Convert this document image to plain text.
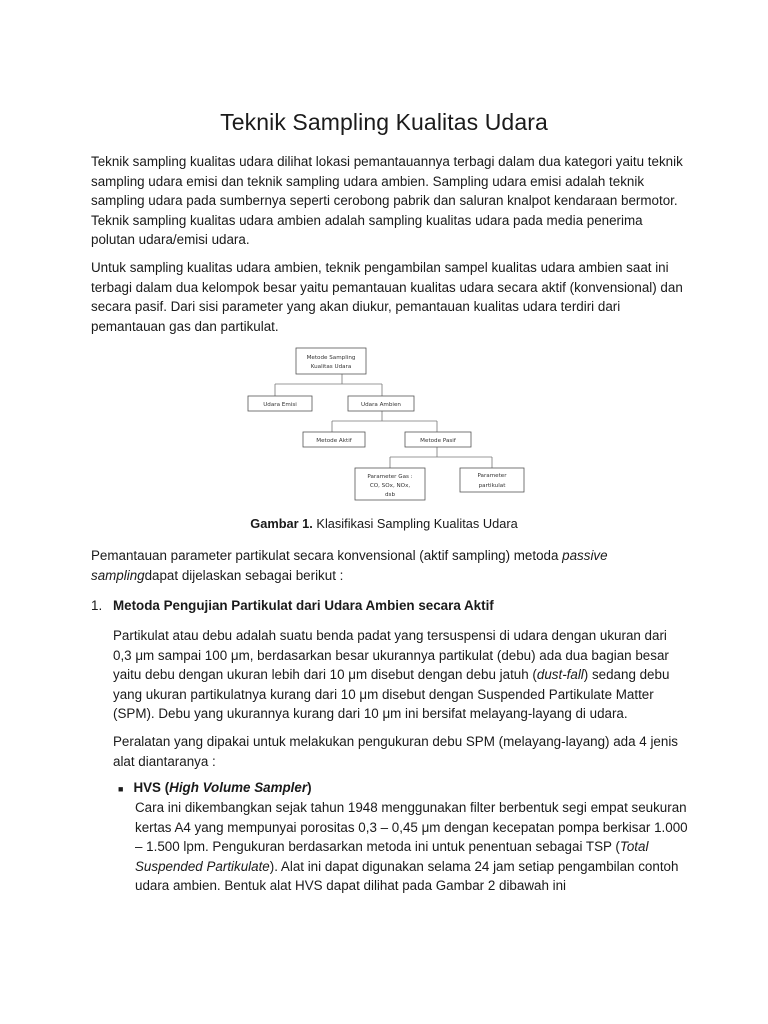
Teknik Sampling Kualitas Udara

Teknik sampling kualitas udara dilihat lokasi pemantauannya terbagi dalam dua kategori yaitu teknik sampling udara emisi dan teknik sampling udara ambien. Sampling udara emisi adalah teknik sampling udara pada sumbernya seperti cerobong pabrik dan saluran knalpot kendaraan bermotor. Teknik sampling kualitas udara ambien adalah sampling kualitas udara pada media penerima polutan udara/emisi udara.

Untuk sampling kualitas udara ambien, teknik pengambilan sampel kualitas udara ambien saat ini terbagi dalam dua kelompok besar yaitu pemantauan kualitas udara secara aktif (konvensional) dan secara pasif. Dari sisi parameter yang akan diukur, pemantauan kualitas udara terdiri dari pemantauan gas dan partikulat.

Metode Sampling
Kualitas Udara
Udara Emisi	Udara Ambien
Metode Aktif	Metode Pasif
Parameter Gas :
CO, SOx, NOx,
dsb
Parameter
partikulat
Gambar 1. Klasifikasi Sampling Kualitas Udara

Pemantauan parameter partikulat secara konvensional (aktif sampling) metoda passive samplingdapat dijelaskan sebagai berikut :

1. Metoda Pengujian Partikulat dari Udara Ambien secara Aktif

Partikulat atau debu adalah suatu benda padat yang tersuspensi di udara dengan ukuran dari 0,3 μm sampai 100 μm, berdasarkan besar ukurannya partikulat (debu) ada dua bagian besar yaitu debu dengan ukuran lebih dari 10 μm disebut dengan debu jatuh (dust-fall) sedang debu yang ukuran partikulatnya kurang dari 10 μm disebut dengan Suspended Partikulate Matter (SPM). Debu yang ukurannya kurang dari 10 μm ini bersifat melayang-layang di udara.

Peralatan yang dipakai untuk melakukan pengukuran debu SPM (melayang-layang) ada 4 jenis alat diantaranya :

■ HVS (High Volume Sampler)

Cara ini dikembangkan sejak tahun 1948 menggunakan filter berbentuk segi empat seukuran kertas A4 yang mempunyai porositas 0,3 – 0,45 μm dengan kecepatan pompa berkisar 1.000 – 1.500 lpm. Pengukuran berdasarkan metoda ini untuk penentuan sebagai TSP (Total Suspended Partikulate). Alat ini dapat digunakan selama 24 jam setiap pengambilan contoh udara ambien. Bentuk alat HVS dapat dilihat pada Gambar 2 dibawah ini
